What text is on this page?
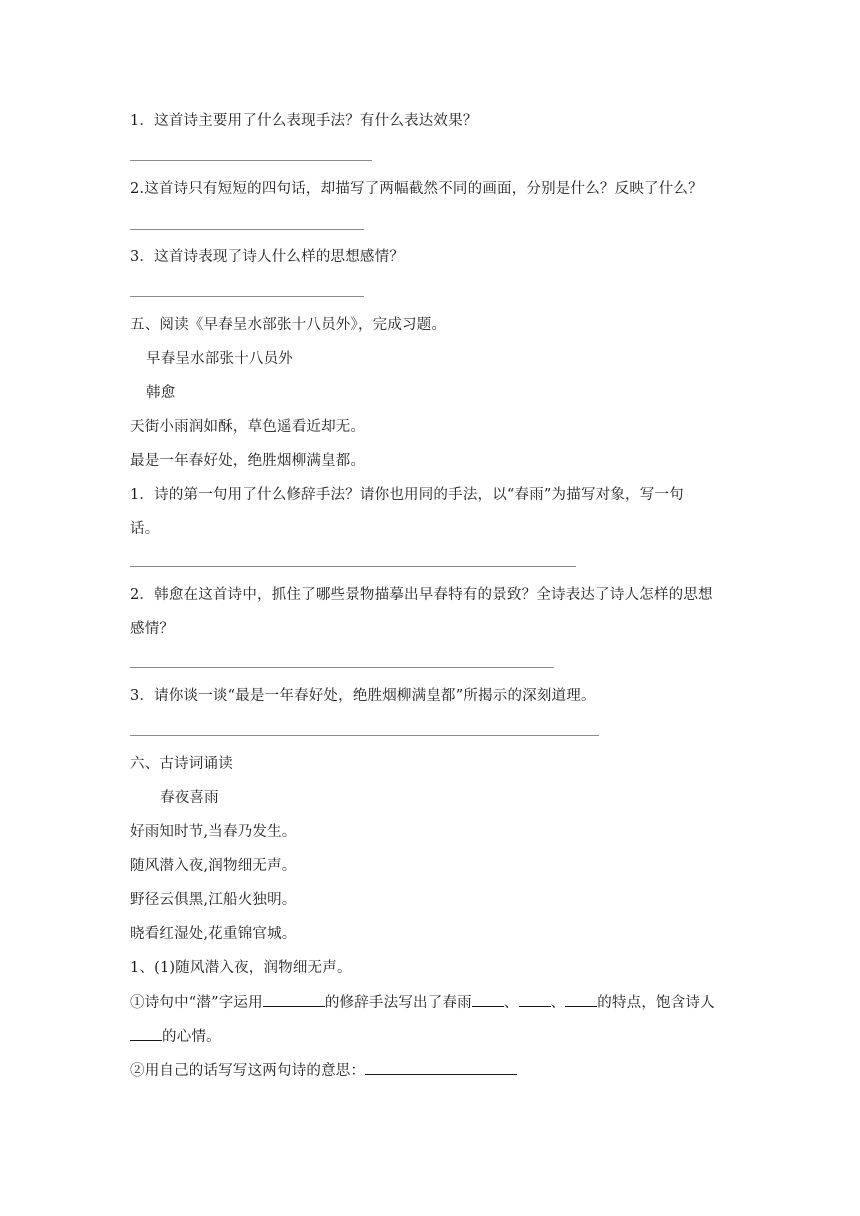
1．这首诗主要用了什么表现手法？有什么表达效果？
2.这首诗只有短短的四句话，却描写了两幅截然不同的画面，分别是什么？反映了什么？
3．这首诗表现了诗人什么样的思想感情？
五、阅读《早春呈水部张十八员外》，完成习题。
早春呈水部张十八员外
韩愈
天街小雨润如酥，草色遥看近却无。
最是一年春好处，绝胜烟柳满皇都。
1．诗的第一句用了什么修辞手法？请你也用同的手法，以“春雨”为描写对象，写一句
话。
2．韩愈在这首诗中，抓住了哪些景物描摹出早春特有的景致？全诗表达了诗人怎样的思想
感情？
3．请你谈一谈“最是一年春好处，绝胜烟柳满皇都”所揭示的深刻道理。
六、古诗词诵读
春夜喜雨
好雨知时节,当春乃发生。
随风潜入夜,润物细无声。
野径云俱黑,江船火独明。
晓看红湿处,花重锦官城。
1、(1)随风潜入夜，润物细无声。
①诗句中“潜”字运用	的修辞手法写出了春雨 、 、 的特点，饱含诗人
的心情。
②用自己的话写写这两句诗的意思：
